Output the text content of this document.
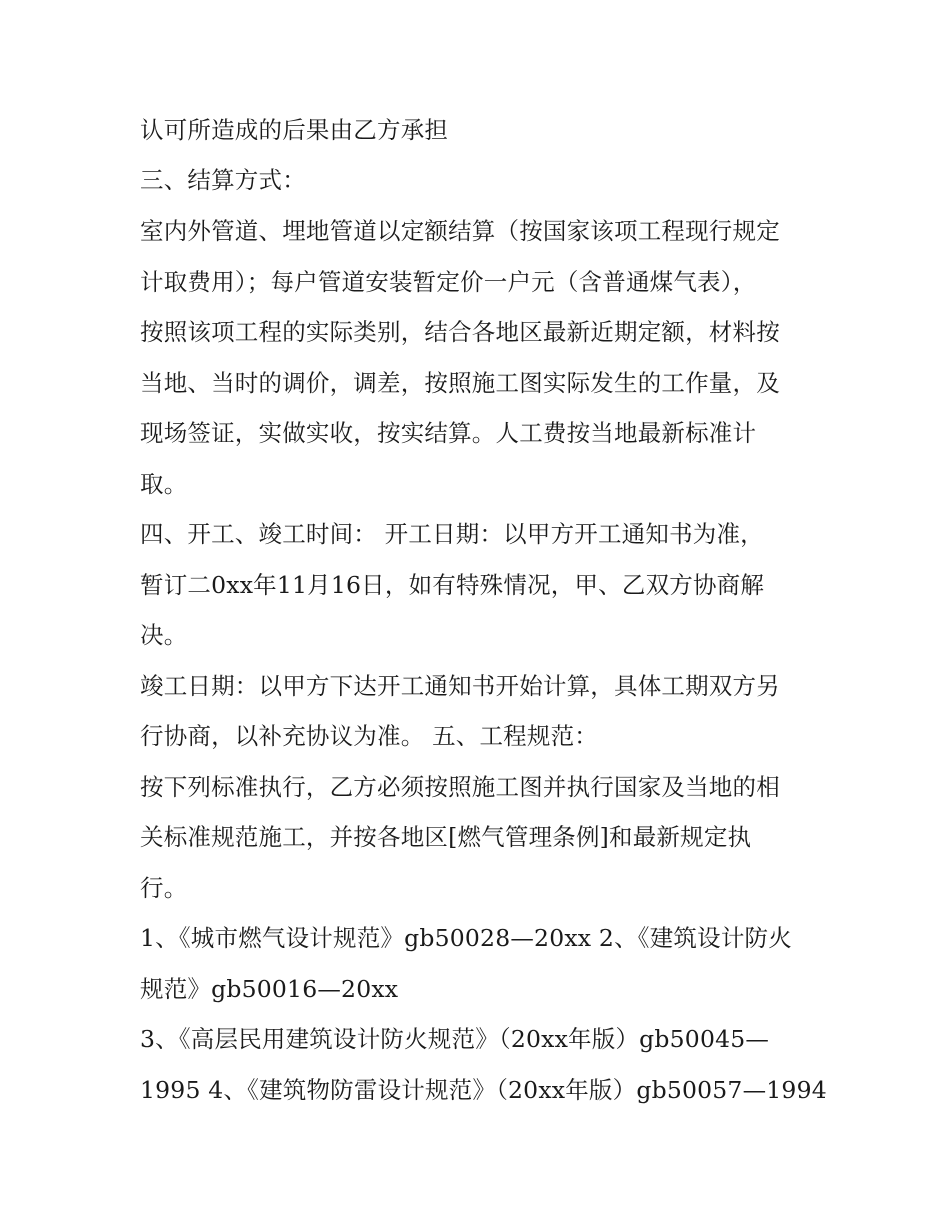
认可所造成的后果由乙方承担
三、结算方式：
室内外管道、埋地管道以定额结算（按国家该项工程现行规定
计取费用）；每户管道安装暂定价一户元（含普通煤气表），
按照该项工程的实际类别，结合各地区最新近期定额，材料按
当地、当时的调价，调差，按照施工图实际发生的工作量，及
现场签证，实做实收，按实结算。人工费按当地最新标准计
取。
四、开工、竣工时间： 开工日期：以甲方开工通知书为准，
暂订二0xx年11月16日，如有特殊情况，甲、乙双方协商解
决。
竣工日期：以甲方下达开工通知书开始计算，具体工期双方另
行协商，以补充协议为准。 五、工程规范：
按下列标准执行，乙方必须按照施工图并执行国家及当地的相
关标准规范施工，并按各地区[燃气管理条例]和最新规定执
行。
1、《城市燃气设计规范》gb50028—20xx 2、《建筑设计防火
规范》gb50016—20xx
3、《高层民用建筑设计防火规范》（20xx年版）gb50045—
1995 4、《建筑物防雷设计规范》（20xx年版）gb50057—1994
